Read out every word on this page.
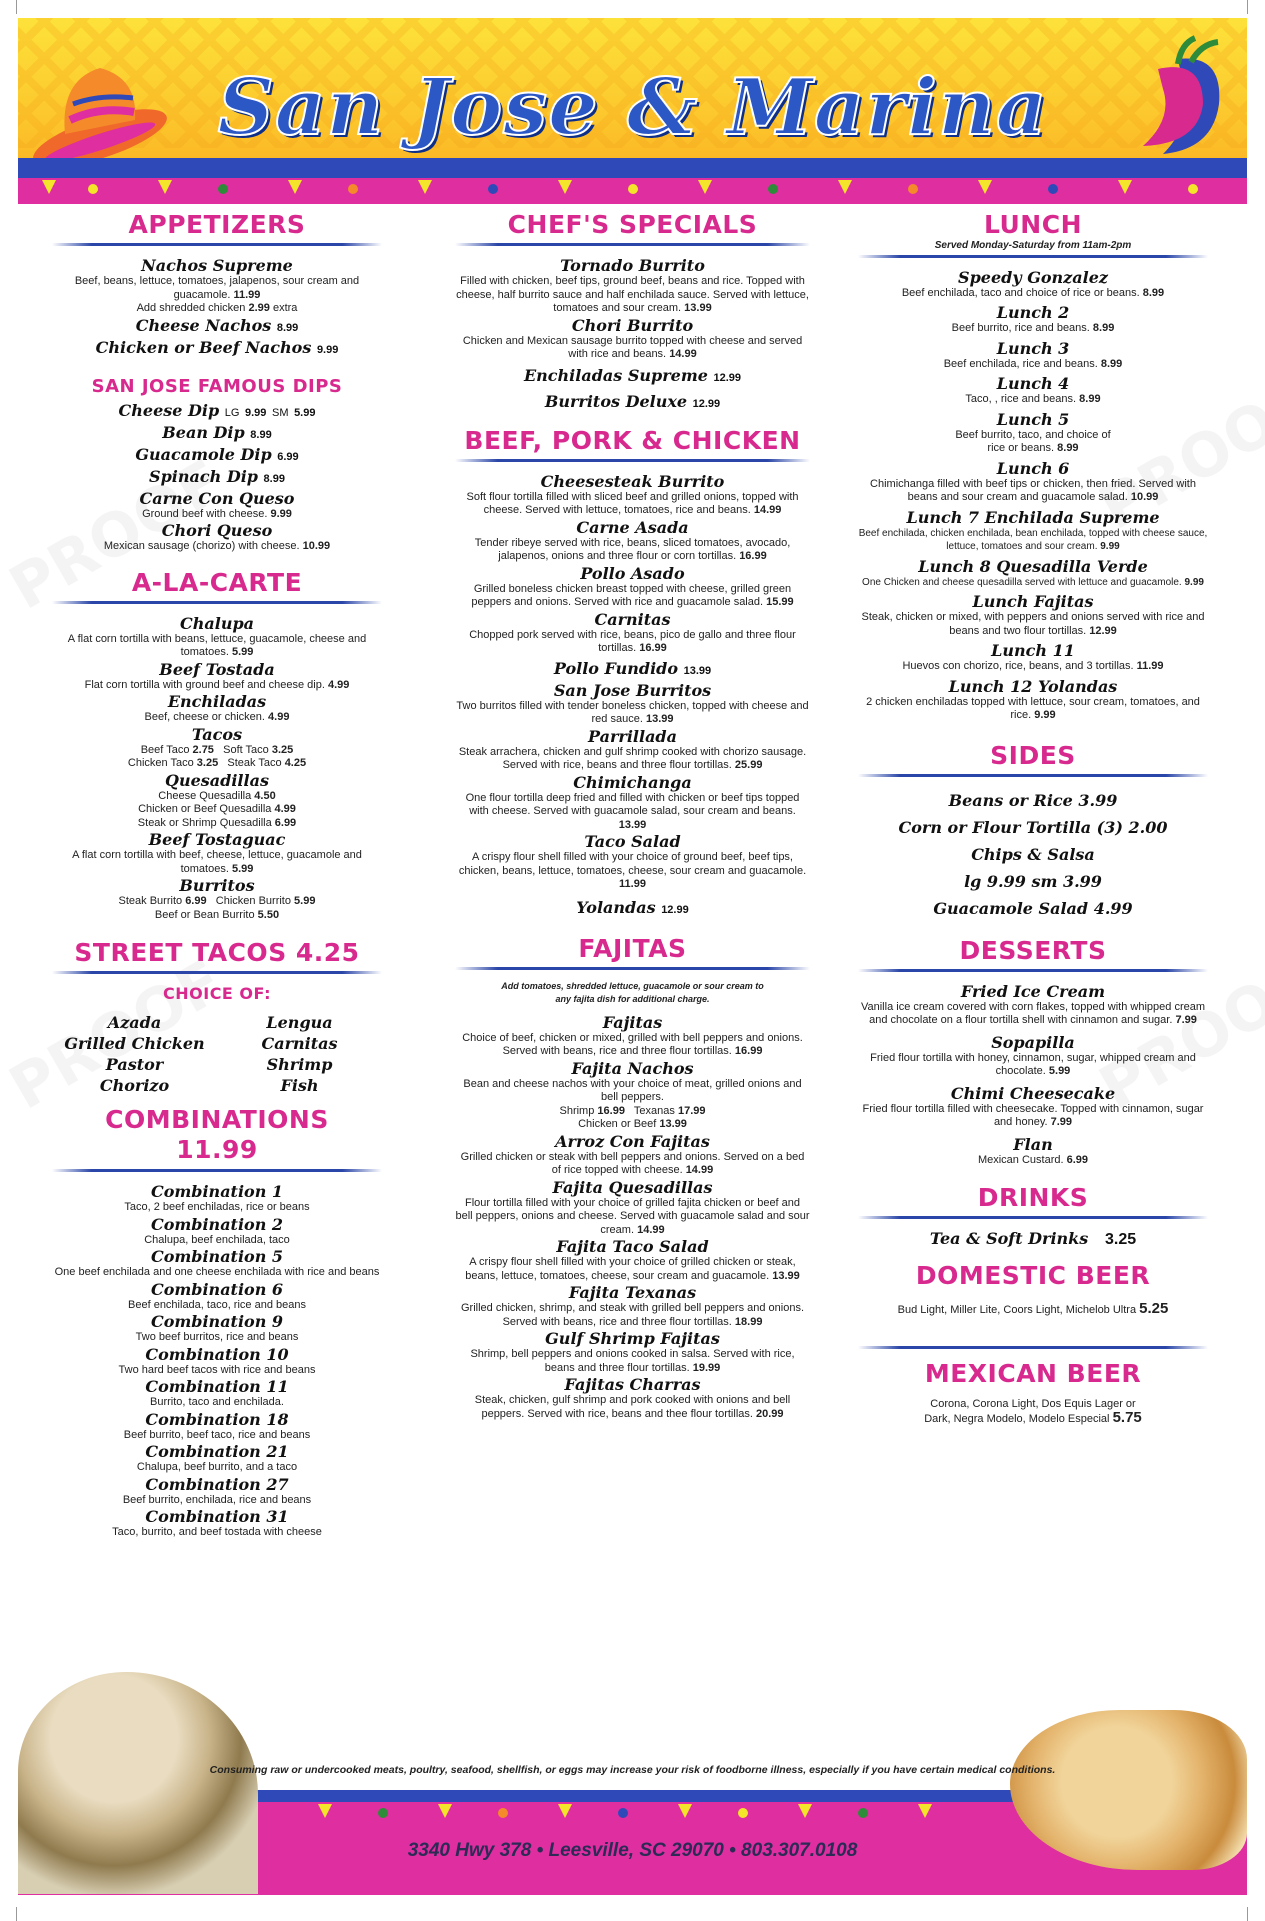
San Jose & Marina
APPETIZERS
Nachos Supreme
Beef, beans, lettuce, tomatoes, jalapenos, sour cream and guacamole. 11.99
Add shredded chicken 2.99 extra
Cheese Nachos 8.99
Chicken or Beef Nachos 9.99
SAN JOSE FAMOUS DIPS
Cheese Dip LG 9.99 SM 5.99
Bean Dip 8.99
Guacamole Dip 6.99
Spinach Dip 8.99
Carne Con Queso
Ground beef with cheese. 9.99
Chori Queso
Mexican sausage (chorizo) with cheese. 10.99
A-LA-CARTE
Chalupa
A flat corn tortilla with beans, lettuce, guacamole, cheese and tomatoes. 5.99
Beef Tostada
Flat corn tortilla with ground beef and cheese dip. 4.99
Enchiladas
Beef, cheese or chicken. 4.99
Tacos
Beef Taco 2.75 Soft Taco 3.25
Chicken Taco 3.25 Steak Taco 4.25
Quesadillas
Cheese Quesadilla 4.50
Chicken or Beef Quesadilla 4.99
Steak or Shrimp Quesadilla 6.99
Beef Tostaguac
A flat corn tortilla with beef, cheese, lettuce, guacamole and tomatoes. 5.99
Burritos
Steak Burrito 6.99 Chicken Burrito 5.99
Beef or Bean Burrito 5.50
STREET TACOS 4.25
CHOICE OF:
Azada	Lengua
Grilled Chicken	Carnitas
Pastor	Shrimp
Chorizo	Fish
COMBINATIONS
11.99
Combination 1
Taco, 2 beef enchiladas, rice or beans
Combination 2
Chalupa, beef enchilada, taco
Combination 5
One beef enchilada and one cheese enchilada with rice and beans
Combination 6
Beef enchilada, taco, rice and beans
Combination 9
Two beef burritos, rice and beans
Combination 10
Two hard beef tacos with rice and beans
Combination 11
Burrito, taco and enchilada.
Combination 18
Beef burrito, beef taco, rice and beans
Combination 21
Chalupa, beef burrito, and a taco
Combination 27
Beef burrito, enchilada, rice and beans
Combination 31
Taco, burrito, and beef tostada with cheese
CHEF'S SPECIALS
Tornado Burrito
Filled with chicken, beef tips, ground beef, beans and rice. Topped with cheese, half burrito sauce and half enchilada sauce. Served with lettuce, tomatoes and sour cream. 13.99
Chori Burrito
Chicken and Mexican sausage burrito topped with cheese and served with rice and beans. 14.99
Enchiladas Supreme 12.99
Burritos Deluxe 12.99
BEEF, PORK & CHICKEN
Cheesesteak Burrito
Soft flour tortilla filled with sliced beef and grilled onions, topped with cheese. Served with lettuce, tomatoes, rice and beans. 14.99
Carne Asada
Tender ribeye served with rice, beans, sliced tomatoes, avocado, jalapenos, onions and three flour or corn tortillas. 16.99
Pollo Asado
Grilled boneless chicken breast topped with cheese, grilled green peppers and onions. Served with rice and guacamole salad. 15.99
Carnitas
Chopped pork served with rice, beans, pico de gallo and three flour tortillas. 16.99
Pollo Fundido 13.99
San Jose Burritos
Two burritos filled with tender boneless chicken, topped with cheese and red sauce. 13.99
Parrillada
Steak arrachera, chicken and gulf shrimp cooked with chorizo sausage. Served with rice, beans and three flour tortillas. 25.99
Chimichanga
One flour tortilla deep fried and filled with chicken or beef tips topped with cheese. Served with guacamole salad, sour cream and beans. 13.99
Taco Salad
A crispy flour shell filled with your choice of ground beef, beef tips, chicken, beans, lettuce, tomatoes, cheese, sour cream and guacamole. 11.99
Yolandas 12.99
FAJITAS
Add tomatoes, shredded lettuce, guacamole or sour cream to any fajita dish for additional charge.
Fajitas
Choice of beef, chicken or mixed, grilled with bell peppers and onions. Served with beans, rice and three flour tortillas. 16.99
Fajita Nachos
Bean and cheese nachos with your choice of meat, grilled onions and bell peppers.
Shrimp 16.99 Texanas 17.99
Chicken or Beef 13.99
Arroz Con Fajitas
Grilled chicken or steak with bell peppers and onions. Served on a bed of rice topped with cheese. 14.99
Fajita Quesadillas
Flour tortilla filled with your choice of grilled fajita chicken or beef and bell peppers, onions and cheese. Served with guacamole salad and sour cream. 14.99
Fajita Taco Salad
A crispy flour shell filled with your choice of grilled chicken or steak, beans, lettuce, tomatoes, cheese, sour cream and guacamole. 13.99
Fajita Texanas
Grilled chicken, shrimp, and steak with grilled bell peppers and onions. Served with beans, rice and three flour tortillas. 18.99
Gulf Shrimp Fajitas
Shrimp, bell peppers and onions cooked in salsa. Served with rice, beans and three flour tortillas. 19.99
Fajitas Charras
Steak, chicken, gulf shrimp and pork cooked with onions and bell peppers. Served with rice, beans and thee flour tortillas. 20.99
LUNCH
Served Monday-Saturday from 11am-2pm
Speedy Gonzalez
Beef enchilada, taco and choice of rice or beans. 8.99
Lunch 2
Beef burrito, rice and beans. 8.99
Lunch 3
Beef enchilada, rice and beans. 8.99
Lunch 4
Taco, , rice and beans. 8.99
Lunch 5
Beef burrito, taco, and choice of rice or beans. 8.99
Lunch 6
Chimichanga filled with beef tips or chicken, then fried. Served with beans and sour cream and guacamole salad. 10.99
Lunch 7 Enchilada Supreme
Beef enchilada, chicken enchilada, bean enchilada, topped with cheese sauce, lettuce, tomatoes and sour cream. 9.99
Lunch 8 Quesadilla Verde
One Chicken and cheese quesadilla served with lettuce and guacamole. 9.99
Lunch Fajitas
Steak, chicken or mixed, with peppers and onions served with rice and beans and two flour tortillas. 12.99
Lunch 11
Huevos con chorizo, rice, beans, and 3 tortillas. 11.99
Lunch 12 Yolandas
2 chicken enchiladas topped with lettuce, sour cream, tomatoes, and rice. 9.99
SIDES
Beans or Rice 3.99
Corn or Flour Tortilla (3) 2.00
Chips & Salsa
lg 9.99 sm 3.99
Guacamole Salad 4.99
DESSERTS
Fried Ice Cream
Vanilla ice cream covered with corn flakes, topped with whipped cream and chocolate on a flour tortilla shell with cinnamon and sugar. 7.99
Sopapilla
Fried flour tortilla with honey, cinnamon, sugar, whipped cream and chocolate. 5.99
Chimi Cheesecake
Fried flour tortilla filled with cheesecake. Topped with cinnamon, sugar and honey. 7.99
Flan
Mexican Custard. 6.99
DRINKS
Tea & Soft Drinks 3.25
DOMESTIC BEER
Bud Light, Miller Lite, Coors Light, Michelob Ultra 5.25
MEXICAN BEER
Corona, Corona Light, Dos Equis Lager or Dark, Negra Modelo, Modelo Especial 5.75
3340 Hwy 378 • Leesville, SC 29070 • 803.307.0108
Consuming raw or undercooked meats, poultry, seafood, shellfish, or eggs may increase your risk of foodborne illness, especially if you have certain medical conditions.
